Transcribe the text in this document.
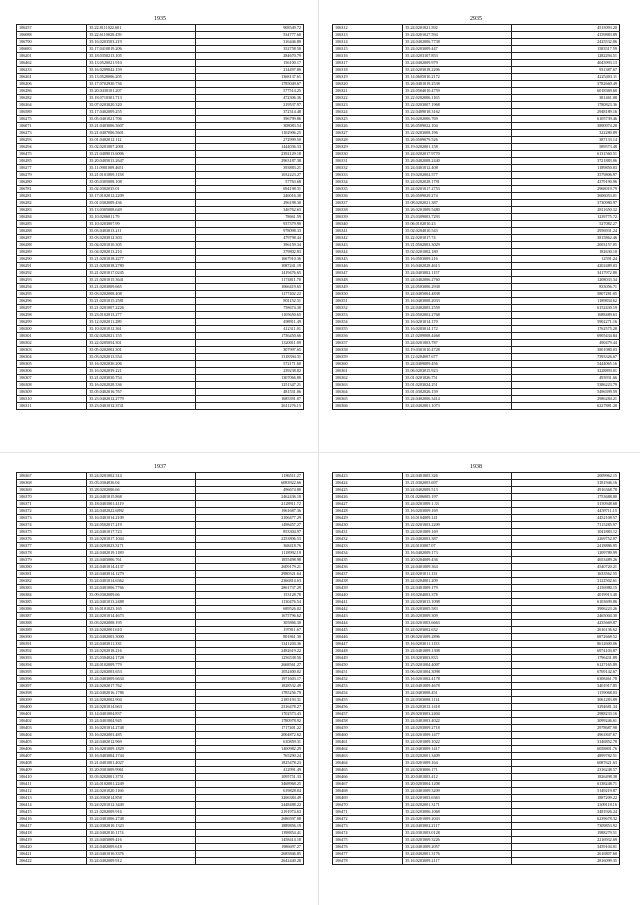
1935
106257	35.22.8111022.601	908549.72
106088	35.22.6110020.459	534777.60
106790	35.16.0203503.219	316446.80
106683	35.17.0410019.206	352758.50
106201	35.18.0350213.105	284670.79
106462	35.13.0520021.910	156100.17
106233	35.16.0209042.159	214497.80
106261	35.13.0520006.205	1368137.61
106206	35.17.0702930.736	1785049.67
106286	35.20.0430101.207	577514.25
106282	35.18.0710301.713	472306.36
106264	35.07.0203020.320	219537.97
106589	35.17.0402009.255	372314.48
106275	35.05.0401021.706	396799.86
106071	35.21.0403006.3607	308083.54
106273	35.21.0407006.5601	1102906.25
106293	35.01.0402012.112	272999.50
106294	35.02.0201007.2001	1444036.33
106475	35.21.0409013.6006	2392129.18
106285	35.20.0405013.2647	2963187.38
106277	35.11.0901009.4651	393883.21
106279	35.21.0101009.1158	1032223.27
106280	35.05.0305008.108	57763.68
106781	35.02.0302035.01	694198.31
106281	35.17.0102012.2209	246016.30
106282	35.01.0302009.436	296198.30
106283	35.13.0305008.649	346762.63
106284	35.10.0206011.79	78661.59
106285	35.10.0203007.99	937379.90
106288	35.03.0403013.211	978098.33
106287	35.03.0203012.303	479798.44
106288	35.04.0201010.305	396159.34
106289	35.04.0202013.210	379802.83
106290	35.21.0201018.2277	1667910.36
106291	35.21.0203018.2780	1087241.19
106292	35.21.0201017.0245	1419476.65
106293	35.21.0201015.3641	1174811.70
106294	35.21.0203009.665	1066419.65
106295	35.03.0202008.408	1177402.22
106296	35.21.0201015.2581	801152.31
106297	35.21.0201007.2226	758674.30
106298	35.23.0102013.277	1105650.65
106299	35.12.0202011.289	498911.49
106300	35.10.0201012.361	412311.01
106301	35.02.0202021.155	1736450.66
106302	35.22.0205054.301	1320011.09
106303	35.05.0202002.301	307997.65
106304	35.03.0202013.554	1318394.31
106305	35.16.0202036.206	572171.60
106306	35.16.0202039.221	239238.82
106307	35.21.0203030.754	1307066.80
106308	35.16.0202028.336	1251347.21
106309	35.05.0402016.767	481531.06
106310	35.23.0402012.2779	1685391.07
106311	35.23.0401012.3741	2611276.15
2935
106312	35.24.0201021.592	4515093.20
106313	35.24.0201027.594	4159883.89
106314	35.24.0402006.7738	2425532.86
106315	35.24.0203009.447	1583517.59
106316	35.24.0203107.853	1282294.51
106317	35.24.0402009.979	4045993.13
106318	35.24.0203018.2206	931387.67
106319	35.14.0605010.2172	4225403.11
106320	35.26.0401019.2538	3782660.49
106321	35.24.0504010.4759	6018369.60
106322	35.22.0202006.1165	381461.08
106323	35.22.0203007.1968	1780823.36
106324	35.22.0409018.3162	2948189.16
106325	35.16.0202006.769	6105739.46
106326	35.26.0509022.104	3890974.20
106327	35.22.0203008.196	322280.89
106328	35.26.0509079.526	387133.14
106329	35.19.0202001.158	589573.48
106330	35.24.0202017.9770	6131560.51
106331	35.26.0402008.2440	3721883.06
106332	35.24.0401012.408	1189850.83
106333	35.19.0202002.577	3579806.97
106334	35.24.0202028.1791	4379190.96
106335	35.24.0201017.2753	2968019.79
106336	35.26.0509029.274	3606053.01
106337	35.08.0202021.387	3730980.97
106338	35.26.0201009.5480	2811650.32
106339	35.23.0309003.7293	1239775.72
106340	35.06.0102010.23	527082.27
106341	35.02.0204010.543	2956931.24
106342	35.22.0201017.74	3815862.46
106343	35.21.0502003.3029	2003157.05
106344	35.02.0201002.180	182630.10
106345	35.16.0503009.216	12591.24
106346	35.16.0402028.4613	4202489.03
106347	35.24.0403002.1157	3417972.80
106348	35.24.0402006.2760	1208033.34
106349	35.24.0503006.2938	833056.71
106350	35.24.0405004.4838	5807281.05
106351	35.16.0403008.2033	1189834.62
106352	35.24.0402005.2559	6152430.19
106353	35.24.0502002.2768	1688489.63
106354	35.16.0201014.170	5902271.16
106355	35.16.0203014.172	1762575.28
106356	35.21.0209008.4468	6905434.84
106357	35.24.0201003.787	490479.44
106358	35.19.0301010.4728	3801980.03
106359	35.12.0204007.677	7393326.67
106360	35.24.0409009.456	5444065.16
106361	35.06.0203015.923	3228893.01
106362	35.01.0201026.751	493931.66
106363	35.01.0203024.251	5386223.79
106364	35.01.0302026.159	5496399.59
106365	35.24.0402006.3414	2986284.21
106366	35.24.0402001.1073	6227881.20
1937
106367	35.24.0201002.314	1186511.27
106368	35.03.0304036.04	6083922.66
106369	35.28.0202006.66	496674.80
106370	35.24.0401015.868	2462436.18
106371	35.18.0401001.4119	2128911.72
106372	35.24.0402022.6892	1961687.36
106373	35.16.0401014.2109	2106477.29
106374	35.24.0502017.219	1498457.27
106375	35.24.0401017.723	853304.97
106376	35.24.0201017.1044	2253806.53
106377	35.24.0203023.3171	368418.76
106378	35.24.0402019.1189	1118992.19
106379	35.24.0403006.761	1855498.98
106380	35.24.0401014.4137	2609179.21
106381	35.24.0403014.1279	2980521.64
106382	35.24.0401014.6362	2366814.63
106383	35.24.0401006.7766	2861737.29
106384	35.09.0302009.66	153128.78
106385	35.24.0401013.2488	1130476.54
106386	35.16.0101023.165	689526.02
106387	35.24.0201014.4673	1675796.62
106388	35.03.0202008.195	305866.30
106389	35.24.0202001.610	197811.67
106390	35.24.0402003.3000	801861.30
106391	35.24.0403011.335	1341204.36
106392	35.24.0202018.216	2482619.22
106393	35.23.0304024.1728	1256538.56
106394	35.24.0102009.779	2668561.27
106395	35.24.0202003.653	1052400.02
106396	35.24.0403009.6634	1971603.17
106397	35.24.0202017.762	1828532.49
106398	35.24.0402016.1786	1785256.79
106399	35.24.0202002.904	2185193.31
106400	35.24.0201014.663	2316478.27
106401	35.14.0401004.837	1702573.43
106402	35.24.0401004.945	1780978.92
106403	35.16.0201014.2748	1717401.22
106404	35.16.0202003.485	2004872.62
106405	35.24.0402012.969	610859.31
106406	35.16.0201009.1829	1400982.29
106407	35.16.0403004.1744	765290.24
106408	35.21.0401001.4027	1825478.23
106409	35.20.0301009.9961	412991.49
106410	35.03.0202001.3751	1095751.33
106411	35.24.0102001.2249	3468968.25
106412	35.24.0201020.1166	619828.04
106413	35.24.0302014.858	3266384.49
106414	35.24.0201012.3449	2448488.22
106415	35.21.0202009.916	2191974.63
106416	35.24.0401006.2748	2686597.08
106417	35.24.0302010.1323	1889856.19
106418	35.24.0402010.1174	1398854.41
106419	35.24.0403009.416	1458414.18
106420	35.24.0402009.618	1986697.27
106421	35.24.0401016.3376	2685846.85
106422	35.24.0402009.912	2642440.28
1938
106423	35.24.0401005.326	2009962.15
106424	35.21.0302003.697	3181946.16
106425	35.24.0402009.513	4916368.78
106426	35.01.0206005.197	1753688.80
106427	35.24.0201009.1.33	3150948.68
106428	35.16.0203009.169	4459711.15
106429	35.16.0104009.141	4452108.57
106430	35.22.0201003.2209	7115285.97
106431	35.24.0201009.169	1041883.12
106432	35.24.0402003.387	2269752.07
106433	35.24.0103007.07	2418886.95
106434	35.16.0402009.173	1209789.99
106435	35.20.0204009.436	4653489.26
106436	35.24.0401009.364	4540720.21
106437	35.24.0201011.131	1633562.55
106438	35.24.0204001.209	3122502.61
106439	35.24.0401009.179	4156980.15
106440	35.18.0204003.378	4019913.40
106441	35.24.0203013.1098	6103699.86
106442	35.24.0203005.583	3906223.26
106443	35.26.0203009.309	2465004.30
106444	35.24.0201003.6663	4235669.87
106445	35.24.0203002.632	2616136.62
106446	35.08.0201009.2896	6872668.52
106447	35.16.0203011.1153	8612600.06
106448	35.24.0401009.1308	6974103.87
106449	35.18.0203003.833	1796431.89
106450	35.25.0201004.4007	6127165.89
106451	35.06.0201004.3098	6769142.67
106452	35.16.0201002.4178	6308461.78
106453	35.24.0401009.4678	3401917.85
106454	35.24.0403008.451	1159068.03
106455	35.24.0303008.1114	3061283.89
106456	35.24.0203013.1418	3294681.34
106457	35.28.0203003.2404	2988233.16
106458	35.24.0401003.4022	3099246.61
106459	35.24.0203009.2718	2978687.98
106460	35.24.0201009.1477	4961847.67
106461	35.24.0201009.1022	3146852.78
106462	35.24.0403009.1417	6058801.76
106463	35.24.0202001.3409	4899782.51
106464	35.24.0201009.164	6087621.63
106465	35.24.0203006.171	2316248.57
106466	35.20.0401003.412	1826498.38
106467	35.20.0203004.1208	6138248.71
106468	35.24.0401009.3209	5149219.87
106469	35.24.0201003.6363	1887209.22
106470	35.24.0202001.3171	2309118.16
106471	35.24.0203006.1068	3481926.24
106472	35.24.0201009.2043	6239678.32
106473	35.24.0403002.2117	7309853.92
106474	35.24.0301003.0128	1988279.51
106475	35.24.0201009.3226	2216932.69
106476	35.24.0401009.2057	3459104.01
106477	35.24.0402001.3176	2616807.60
106478	35.16.0203009.2117	2816099.35
